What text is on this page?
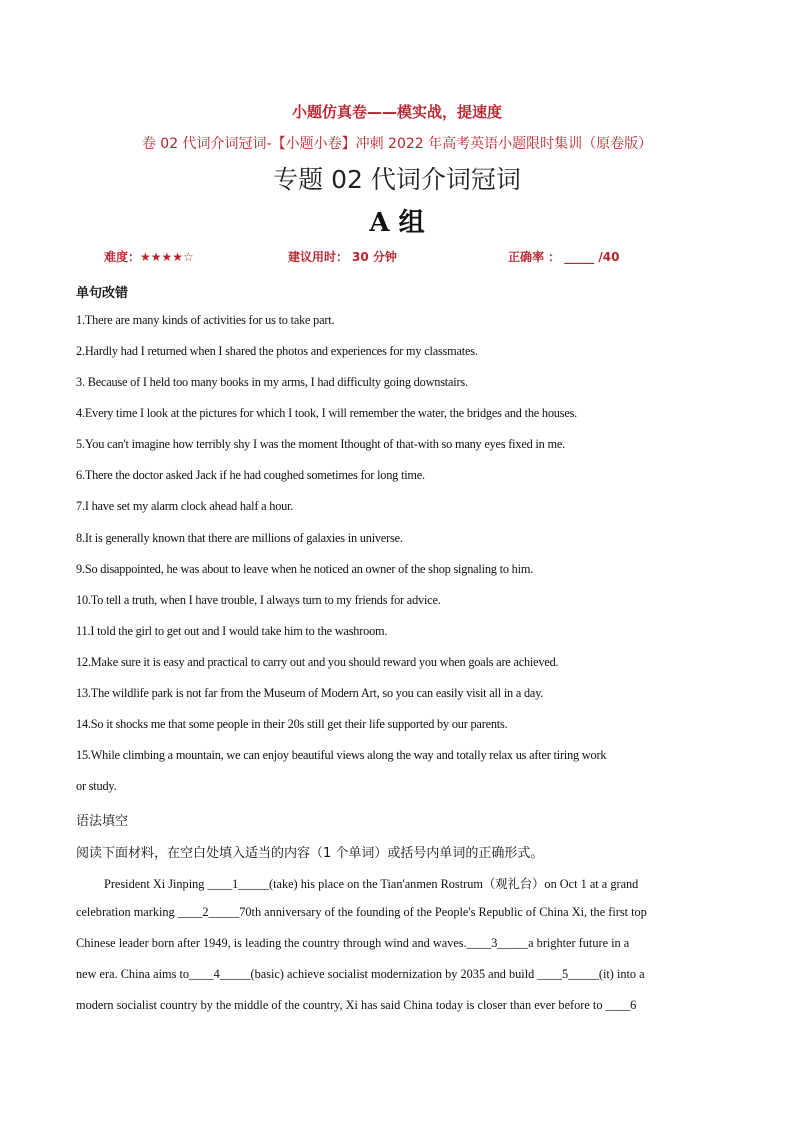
小题仿真卷——模实战，提速度
卷 02 代词介词冠词-【小题小卷】冲刺 2022 年高考英语小题限时集训（原卷版）
专题 02 代词介词冠词
A 组
难度：★★★★☆	建议用时： 30 分钟	正确率 ： _____ /40
单句改错
1.There are many kinds of activities for us to take part.
2.Hardly had I returned when I shared the photos and experiences for my classmates.
3. Because of I held too many books in my arms, I had difficulty going downstairs.
4.Every time I look at the pictures for which I took, I will remember the water, the bridges and the houses.
5.You can't imagine how terribly shy I was the moment Ithought of that-with so many eyes fixed in me.
6.There the doctor asked Jack if he had coughed sometimes for long time.
7.I have set my alarm clock ahead half a hour.
8.It is generally known that there are millions of galaxies in universe.
9.So disappointed, he was about to leave when he noticed an owner of the shop signaling to him.
10.To tell a truth, when I have trouble, I always turn to my friends for advice.
11.I told the girl to get out and I would take him to the washroom.
12.Make sure it is easy and practical to carry out and you should reward you when goals are achieved.
13.The wildlife park is not far from the Museum of Modern Art, so you can easily visit all in a day.
14.So it shocks me that some people in their 20s still get their life supported by our parents.
15.While climbing a mountain, we can enjoy beautiful views along the way and totally relax us after tiring work
or study.
语法填空
阅读下面材料，在空白处填入适当的内容（1 个单词）或括号内单词的正确形式。
President Xi Jinping ____1_____(take) his place on the Tian'anmen Rostrum（观礼台）on Oct 1 at a grand
celebration marking ____2_____70th anniversary of the founding of the People's Republic of China Xi, the first top
Chinese leader born after 1949, is leading the country through wind and waves.____3_____a brighter future in a
new era. China aims to____4_____(basic) achieve socialist modernization by 2035 and build ____5_____(it) into a
modern socialist country by the middle of the country, Xi has said China today is closer than ever before to ____6
